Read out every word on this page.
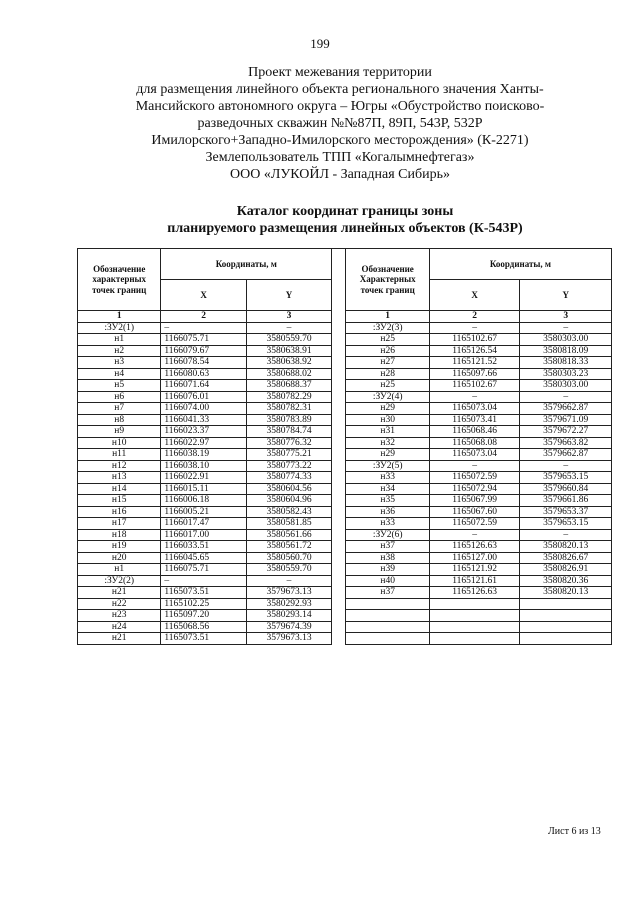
199
Проект межевания территории
для размещения линейного объекта регионального значения Ханты-
Мансийского автономного округа – Югры «Обустройство поисково-
разведочных скважин №№87П, 89П, 543Р, 532Р
Имилорского+Западно-Имилорского месторождения» (К-2271)
Землепользователь ТПП «Когалымнефтегаз»
ООО «ЛУКОЙЛ - Западная Сибирь»
Каталог координат границы зоны
планируемого размещения линейных объектов (К-543Р)
Обозначение характерных точек границ	Координаты, м			Обозначение Характерных точек границ	Координаты, м	
	X	Y			X	Y
1	2	3		1	2	3
:ЗУ2(1)	–	–		:ЗУ2(3)	–	–
н1	1166075.71	3580559.70		н25	1165102.67	3580303.00
н2	1166079.67	3580638.91		н26	1165126.54	3580818.09
н3	1166078.54	3580638.92		н27	1165121.52	3580818.33
н4	1166080.63	3580688.02		н28	1165097.66	3580303.23
н5	1166071.64	3580688.37		н25	1165102.67	3580303.00
н6	1166076.01	3580782.29		:ЗУ2(4)	–	–
н7	1166074.00	3580782.31		н29	1165073.04	3579662.87
н8	1166041.33	3580783.89		н30	1165073.41	3579671.09
н9	1166023.37	3580784.74		н31	1165068.46	3579672.27
н10	1166022.97	3580776.32		н32	1165068.08	3579663.82
н11	1166038.19	3580775.21		н29	1165073.04	3579662.87
н12	1166038.10	3580773.22		:ЗУ2(5)	–	–
н13	1166022.91	3580774.33		н33	1165072.59	3579653.15
н14	1166015.11	3580604.56		н34	1165072.94	3579660.84
н15	1166006.18	3580604.96		н35	1165067.99	3579661.86
н16	1166005.21	3580582.43		н36	1165067.60	3579653.37
н17	1166017.47	3580581.85		н33	1165072.59	3579653.15
н18	1166017.00	3580561.66		:ЗУ2(6)	–	–
н19	1166033.51	3580561.72		н37	1165126.63	3580820.13
н20	1166045.65	3580560.70		н38	1165127.00	3580826.67
н1	1166075.71	3580559.70		н39	1165121.92	3580826.91
:ЗУ2(2)	–	–		н40	1165121.61	3580820.36
н21	1165073.51	3579673.13		н37	1165126.63	3580820.13
н22	1165102.25	3580292.93				
н23	1165097.20	3580293.14				
н24	1165068.56	3579674.39				
н21	1165073.51	3579673.13				
Лист 6 из 13
